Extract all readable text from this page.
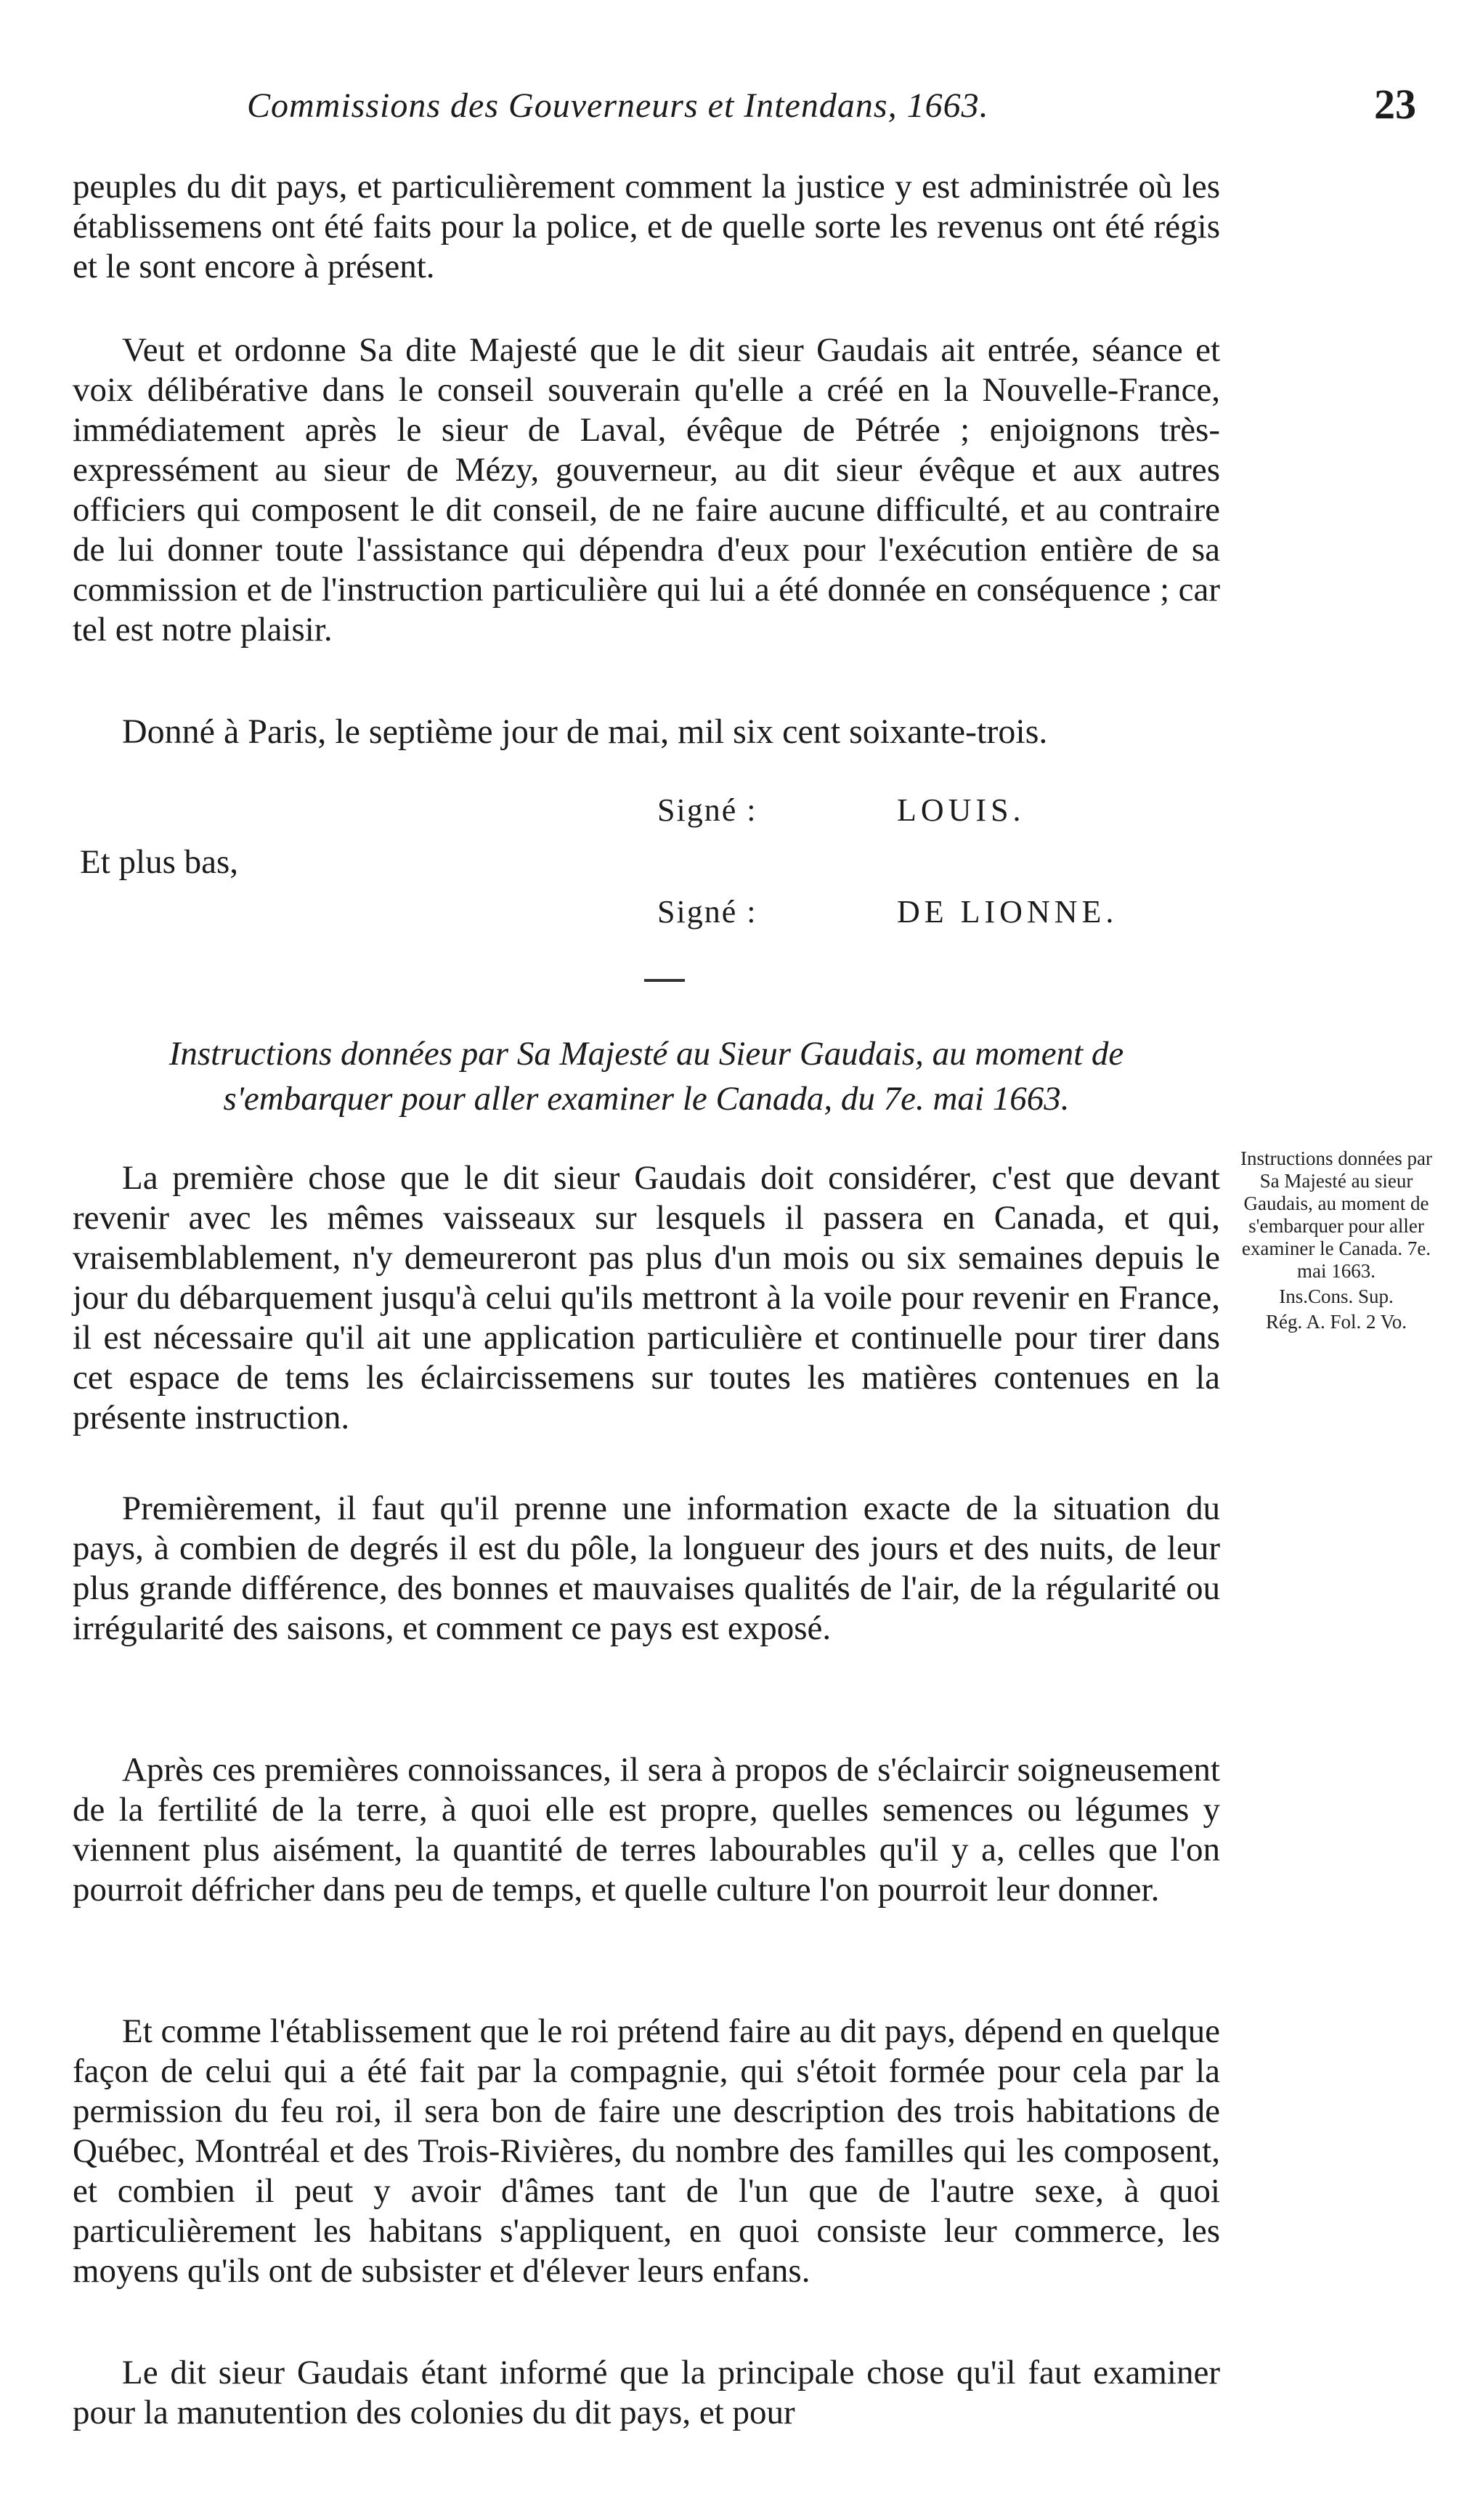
Commissions des Gouverneurs et Intendans, 1663.	23

peuples du dit pays, et particulièrement comment la justice y est administrée où les établissemens ont été faits pour la police, et de quelle sorte les revenus ont été régis et le sont encore à présent.

Veut et ordonne Sa dite Majesté que le dit sieur Gaudais ait entrée, séance et voix délibérative dans le conseil souverain qu'elle a créé en la Nouvelle-France, immédiatement après le sieur de Laval, évêque de Pétrée ; enjoignons très-expressément au sieur de Mézy, gouverneur, au dit sieur évêque et aux autres officiers qui composent le dit conseil, de ne faire aucune difficulté, et au contraire de lui donner toute l'assistance qui dépendra d'eux pour l'exécution entière de sa commission et de l'instruction particulière qui lui a été donnée en conséquence ; car tel est notre plaisir.

Donné à Paris, le septième jour de mai, mil six cent soixante-trois.
Signé :	LOUIS.
Et plus bas,
Signé :	DE LIONNE.
Instructions données par Sa Majesté au Sieur Gaudais, au moment de
s'embarquer pour aller examiner le Canada, du 7e. mai 1663.

La première chose que le dit sieur Gaudais doit considérer, c'est que devant revenir avec les mêmes vaisseaux sur lesquels il passera en Canada, et qui, vraisemblablement, n'y demeureront pas plus d'un mois ou six semaines depuis le jour du débarquement jusqu'à celui qu'ils mettront à la voile pour revenir en France, il est nécessaire qu'il ait une application particulière et continuelle pour tirer dans cet espace de tems les éclaircissemens sur toutes les matières contenues en la présente instruction.

Premièrement, il faut qu'il prenne une information exacte de la situation du pays, à combien de degrés il est du pôle, la longueur des jours et des nuits, de leur plus grande différence, des bonnes et mauvaises qualités de l'air, de la régularité ou irrégularité des saisons, et comment ce pays est exposé.

Après ces premières connoissances, il sera à propos de s'éclaircir soigneusement de la fertilité de la terre, à quoi elle est propre, quelles semences ou légumes y viennent plus aisément, la quantité de terres labourables qu'il y a, celles que l'on pourroit défricher dans peu de temps, et quelle culture l'on pourroit leur donner.

Et comme l'établissement que le roi prétend faire au dit pays, dépend en quelque façon de celui qui a été fait par la compagnie, qui s'étoit formée pour cela par la permission du feu roi, il sera bon de faire une description des trois habitations de Québec, Montréal et des Trois-Rivières, du nombre des familles qui les composent, et combien il peut y avoir d'âmes tant de l'un que de l'autre sexe, à quoi particulièrement les habitans s'appliquent, en quoi consiste leur commerce, les moyens qu'ils ont de subsister et d'élever leurs enfans.

Le dit sieur Gaudais étant informé que la principale chose qu'il faut examiner pour la manutention des colonies du dit pays, et pour

Instructions données par Sa Majesté au sieur Gaudais, au moment de s'embarquer pour aller examiner le Canada. 7e. mai 1663.
Ins.Cons. Sup.
Rég. A. Fol. 2 Vo.
